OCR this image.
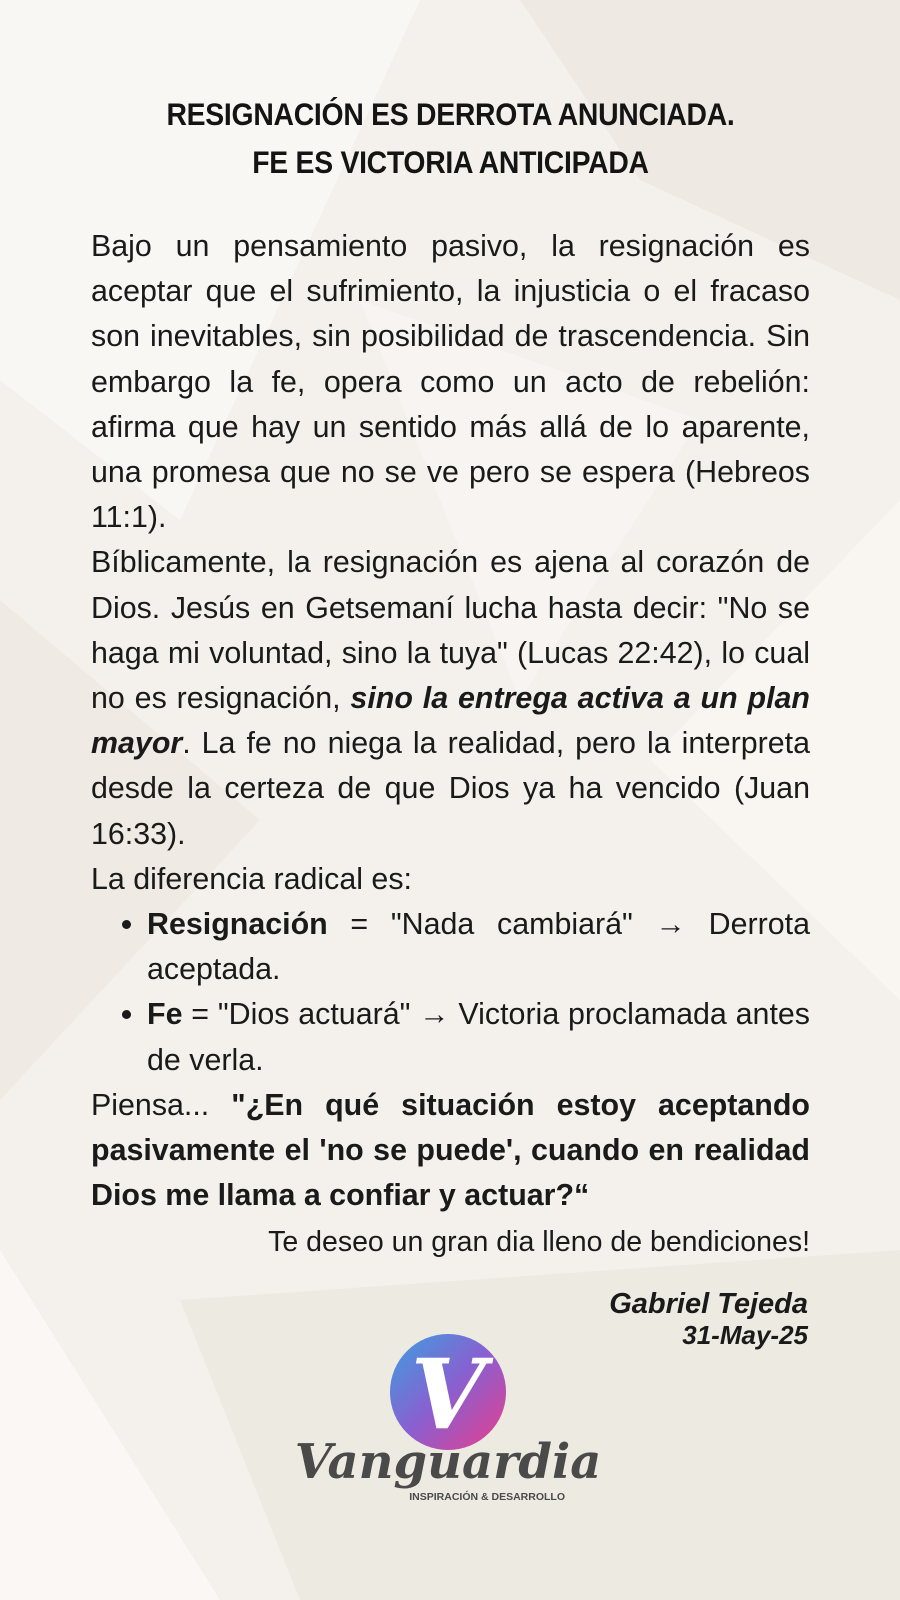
RESIGNACIÓN ES DERROTA ANUNCIADA.
FE ES VICTORIA ANTICIPADA

Bajo un pensamiento pasivo, la resignación es aceptar que el sufrimiento, la injusticia o el fracaso son inevitables, sin posibilidad de trascendencia. Sin embargo la fe, opera como un acto de rebelión: afirma que hay un sentido más allá de lo aparente, una promesa que no se ve pero se espera (Hebreos 11:1).

Bíblicamente, la resignación es ajena al corazón de Dios. Jesús en Getsemaní lucha hasta decir: "No se haga mi voluntad, sino la tuya" (Lucas 22:42), lo cual no es resignación, sino la entrega activa a un plan mayor. La fe no niega la realidad, pero la interpreta desde la certeza de que Dios ya ha vencido (Juan 16:33).

La diferencia radical es:

• Resignación = "Nada cambiará" → Derrota aceptada.
• Fe = "Dios actuará" → Victoria proclamada antes de verla.

Piensa... "¿En qué situación estoy aceptando pasivamente el 'no se puede', cuando en realidad Dios me llama a confiar y actuar?“

Te deseo un gran dia lleno de bendiciones!

Gabriel Tejeda
31-May-25
V
Vanguardia
INSPIRACIÓN & DESARROLLO
